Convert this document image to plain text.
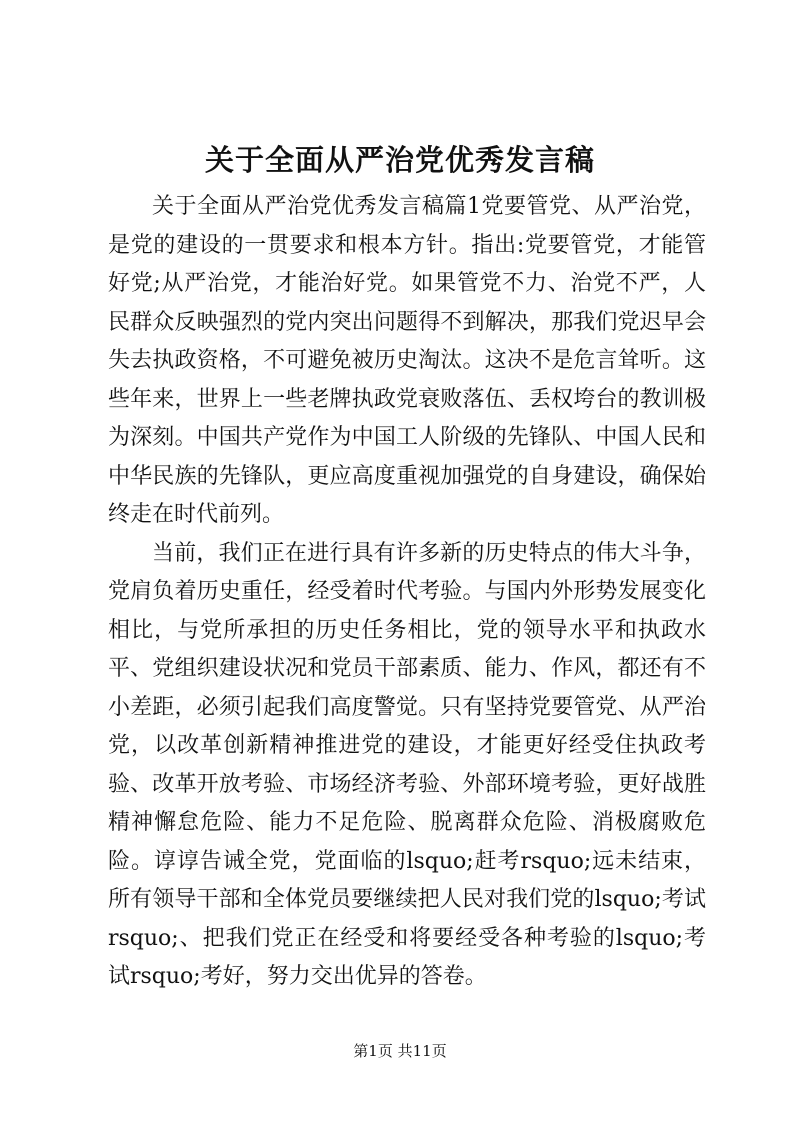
关于全面从严治党优秀发言稿

关于全面从严治党优秀发言稿篇1党要管党、从严治党，是党的建设的一贯要求和根本方针。指出:党要管党，才能管好党;从严治党，才能治好党。如果管党不力、治党不严，人民群众反映强烈的党内突出问题得不到解决，那我们党迟早会失去执政资格，不可避免被历史淘汰。这决不是危言耸听。这些年来，世界上一些老牌执政党衰败落伍、丢权垮台的教训极为深刻。中国共产党作为中国工人阶级的先锋队、中国人民和中华民族的先锋队，更应高度重视加强党的自身建设，确保始终走在时代前列。

当前，我们正在进行具有许多新的历史特点的伟大斗争，党肩负着历史重任，经受着时代考验。与国内外形势发展变化相比，与党所承担的历史任务相比，党的领导水平和执政水平、党组织建设状况和党员干部素质、能力、作风，都还有不小差距，必须引起我们高度警觉。只有坚持党要管党、从严治党，以改革创新精神推进党的建设，才能更好经受住执政考验、改革开放考验、市场经济考验、外部环境考验，更好战胜精神懈怠危险、能力不足危险、脱离群众危险、消极腐败危险。谆谆告诫全党，党面临的lsquo;赶考rsquo;远未结束，所有领导干部和全体党员要继续把人民对我们党的lsquo;考试rsquo;、把我们党正在经受和将要经受各种考验的lsquo;考试rsquo;考好，努力交出优异的答卷。

第1页 共11页
